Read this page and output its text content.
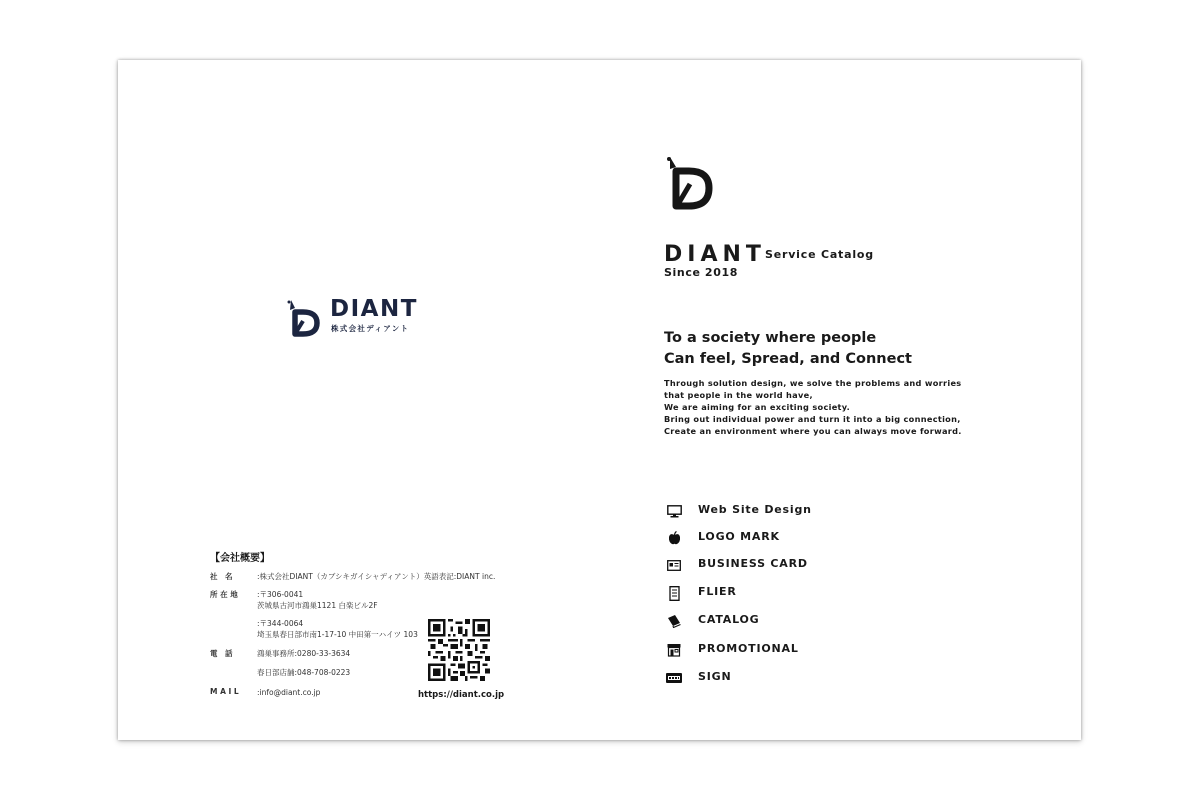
DIANT
株式会社ディアント
【会社概要】
社　名	:株式会社DIANT（カブシキガイシャディアント）英語表記:DIANT inc.
所 在 地	:〒306-0041
茨城県古河市鴻巣1121 白楽ビル2F
:〒344-0064
埼玉県春日部市南1-17-10 中田第一ハイツ 103
電　話	鴻巣事務所:0280-33-3634
春日部店舗:048-708-0223
M A I L :info@diant.co.jp	https://diant.co.jp
DIANT
Since 2018
Service Catalog
To a society where people
Can feel, Spread, and Connect
Through solution design, we solve the problems and worries
that people in the world have,
We are aiming for an exciting society.
Bring out individual power and turn it into a big connection,
Create an environment where you can always move forward.
Web Site Design
LOGO MARK
BUSINESS CARD
FLIER
CATALOG
PROMOTIONAL
SIGN
